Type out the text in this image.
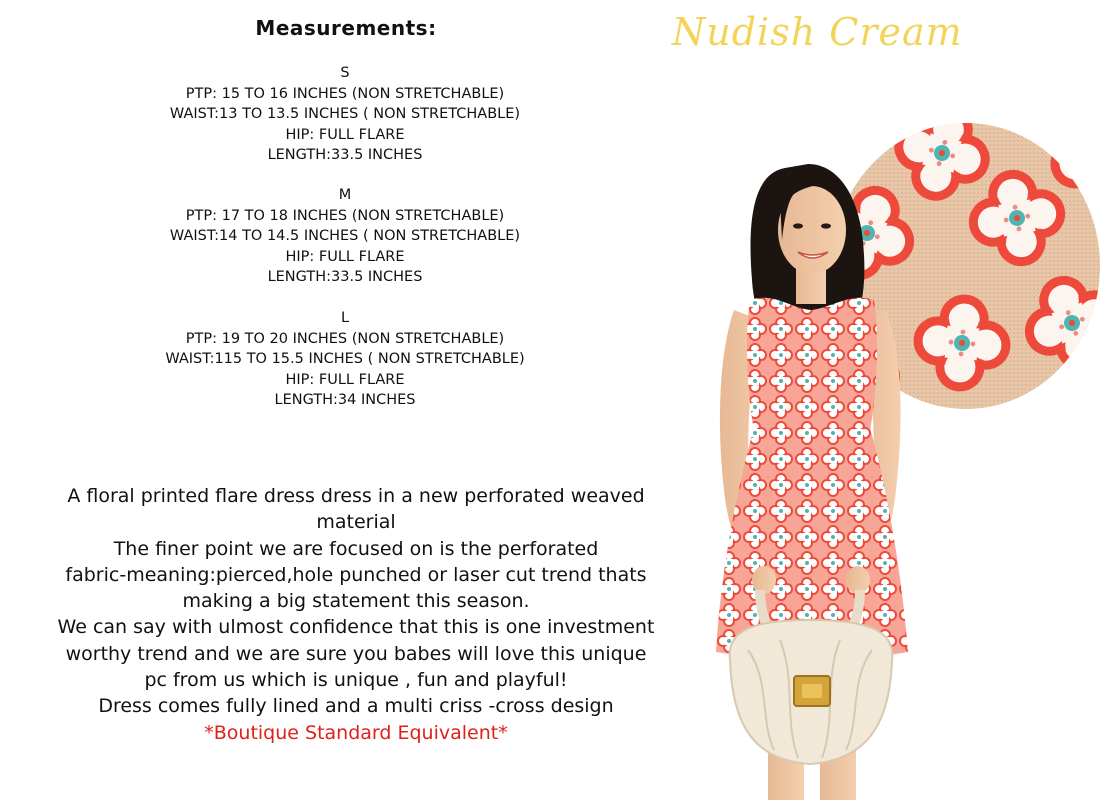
Measurements:
S
PTP: 15 TO 16 INCHES (NON STRETCHABLE)
WAIST:13 TO 13.5 INCHES ( NON STRETCHABLE)
HIP: FULL FLARE
LENGTH:33.5 INCHES
M
PTP: 17 TO 18 INCHES (NON STRETCHABLE)
WAIST:14 TO 14.5 INCHES ( NON STRETCHABLE)
HIP: FULL FLARE
LENGTH:33.5 INCHES
L
PTP: 19 TO 20 INCHES (NON STRETCHABLE)
WAIST:115 TO 15.5 INCHES ( NON STRETCHABLE)
HIP: FULL FLARE
LENGTH:34 INCHES
Nudish Cream
A floral printed flare dress dress in a new perforated weaved
material
The finer point we are focused on is the perforated
fabric-meaning:pierced,hole punched or laser cut trend thats
making a big statement this season.
We can say with ulmost confidence that this is one investment
worthy trend and we are sure you babes will love this unique
pc from us which is unique , fun and playful!
Dress comes fully lined and a multi criss -cross design
*Boutique Standard Equivalent*
